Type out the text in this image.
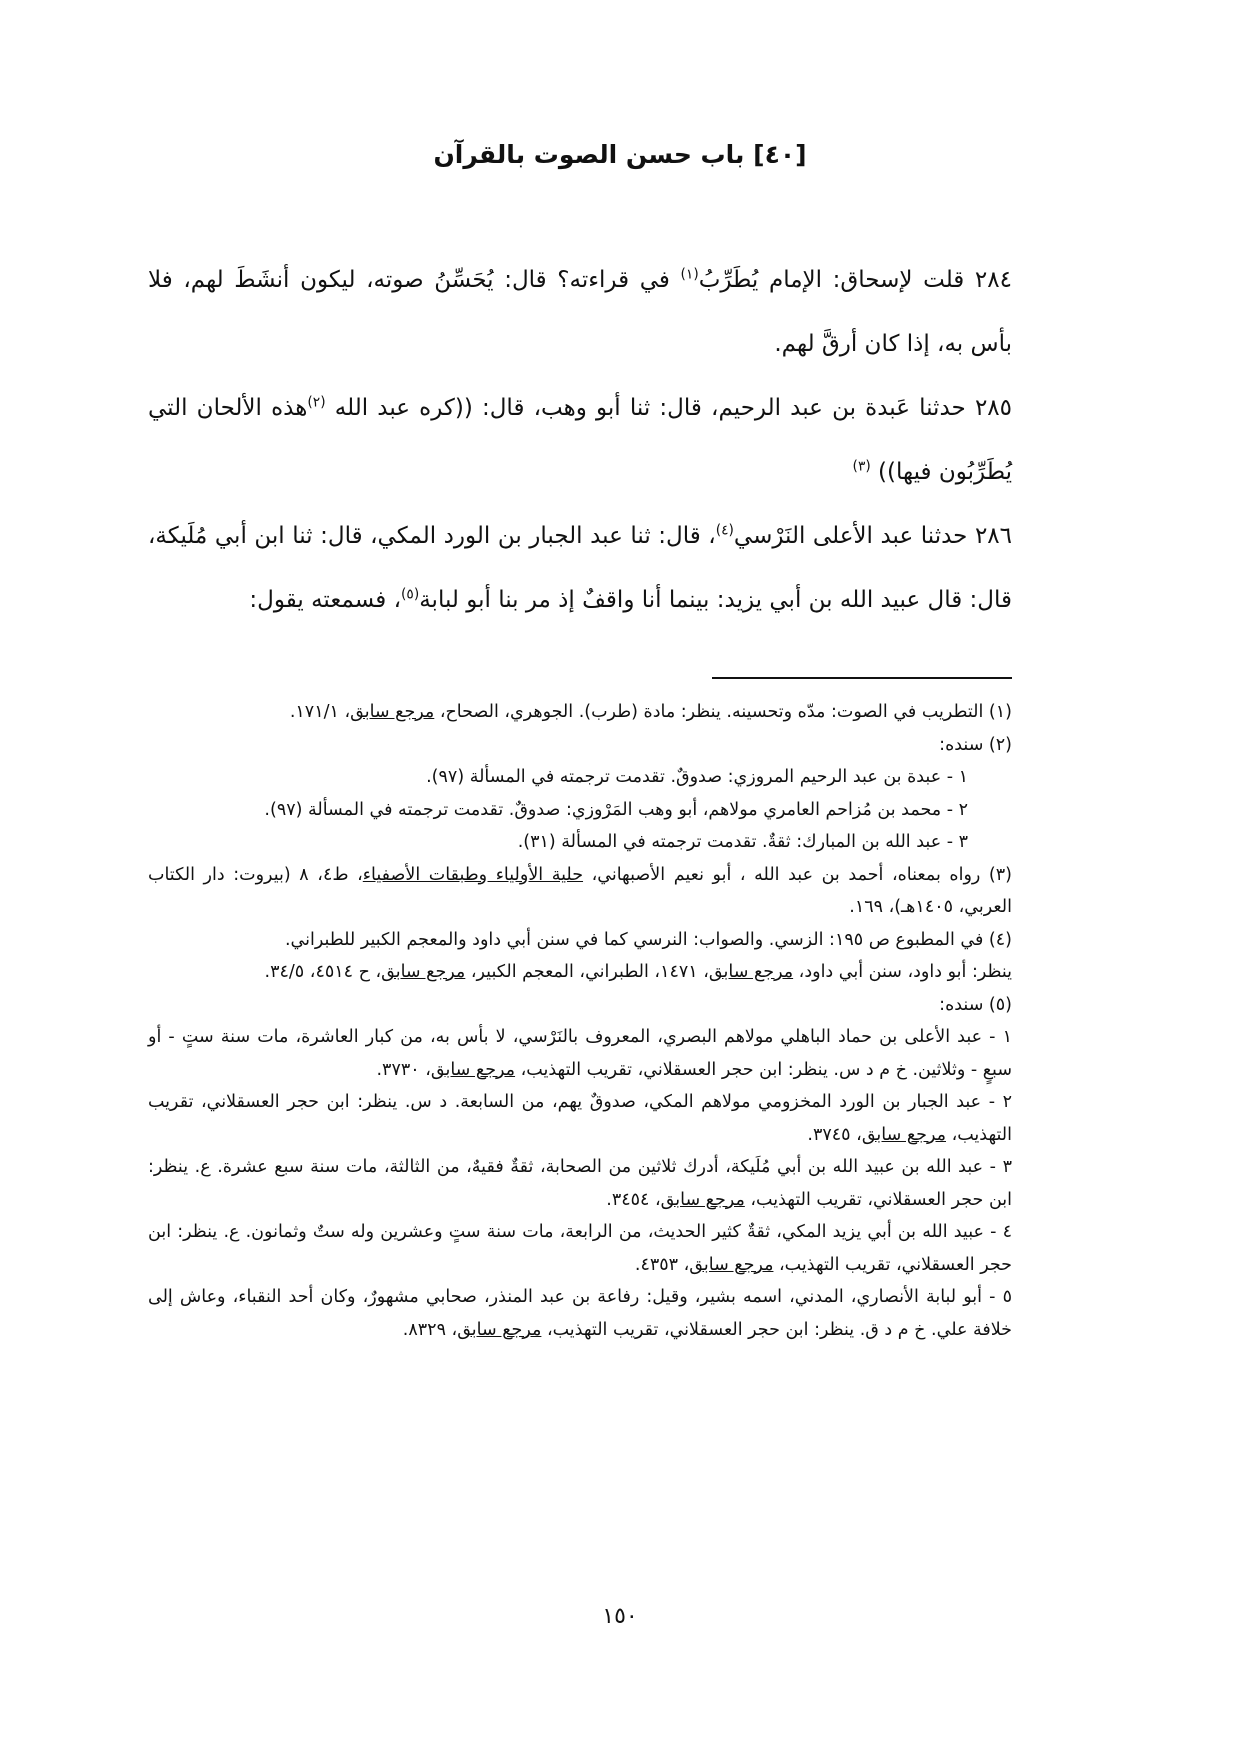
[٤٠] باب حسن الصوت بالقرآن

٢٨٤ قلت لإسحاق: الإمام يُطَرِّبُ$^{(١)}$ في قراءته؟ قال: يُحَسِّنُ صوته، ليكون أنشَطَ لهم، فلا بأس به، إذا كان أرقَّ لهم.

٢٨٥ حدثنا عَبدة بن عبد الرحيم، قال: ثنا أبو وهب، قال: ((كره عبد الله $^{(٢)}$هذه الألحان التي يُطَرِّبُون فيها)) $^{(٣)}$

٢٨٦ حدثنا عبد الأعلى النَرْسي$^{(٤)}$، قال: ثنا عبد الجبار بن الورد المكي، قال: ثنا ابن أبي مُلَيكة، قال: قال عبيد الله بن أبي يزيد: بينما أنا واقفٌ إذ مر بنا أبو لبابة$^{(٥)}$، فسمعته يقول:

(١) التطريب في الصوت: مدّه وتحسينه. ينظر: مادة (طرب). الجوهري، الصحاح، مرجع سابق، ١٧١/١.

(٢) سنده:

١ - عبدة بن عبد الرحيم المروزي: صدوقٌ. تقدمت ترجمته في المسألة (٩٧).

٢ - محمد بن مُزاحم العامري مولاهم، أبو وهب المَرْوزي: صدوقٌ. تقدمت ترجمته في المسألة (٩٧).

٣ - عبد الله بن المبارك: ثقةٌ. تقدمت ترجمته في المسألة (٣١).

(٣) رواه بمعناه، أحمد بن عبد الله ، أبو نعيم الأصبهاني، حلية الأولياء وطبقات الأصفياء، ط٤، ٨ (بيروت: دار الكتاب العربي، ١٤٠٥هـ)، ١٦٩.

(٤) في المطبوع ص ١٩٥: الزسي. والصواب: النرسي كما في سنن أبي داود والمعجم الكبير للطبراني.

ينظر: أبو داود، سنن أبي داود، مرجع سابق، ١٤٧١، الطبراني، المعجم الكبير، مرجع سابق، ح ٤٥١٤، ٣٤/٥.

(٥) سنده:

١ - عبد الأعلى بن حماد الباهلي مولاهم البصري، المعروف بالنَرْسي، لا بأس به، من كبار العاشرة، مات سنة ستٍ - أو سبعٍ - وثلاثين. خ م د س. ينظر: ابن حجر العسقلاني، تقريب التهذيب، مرجع سابق، ٣٧٣٠.

٢ - عبد الجبار بن الورد المخزومي مولاهم المكي، صدوقٌ يهم، من السابعة. د س. ينظر: ابن حجر العسقلاني، تقريب التهذيب، مرجع سابق، ٣٧٤٥.

٣ - عبد الله بن عبيد الله بن أبي مُلَيكة، أدرك ثلاثين من الصحابة، ثقةٌ فقيهٌ، من الثالثة، مات سنة سبع عشرة. ع. ينظر: ابن حجر العسقلاني، تقريب التهذيب، مرجع سابق، ٣٤٥٤.

٤ - عبيد الله بن أبي يزيد المكي، ثقةٌ كثير الحديث، من الرابعة، مات سنة ستٍ وعشرين وله ستٌ وثمانون. ع. ينظر: ابن حجر العسقلاني، تقريب التهذيب، مرجع سابق، ٤٣٥٣.

٥ - أبو لبابة الأنصاري، المدني، اسمه بشير، وقيل: رفاعة بن عبد المنذر، صحابي مشهورٌ، وكان أحد النقباء، وعاش إلى خلافة علي. خ م د ق. ينظر: ابن حجر العسقلاني، تقريب التهذيب، مرجع سابق، ٨٣٢٩.

١٥٠
